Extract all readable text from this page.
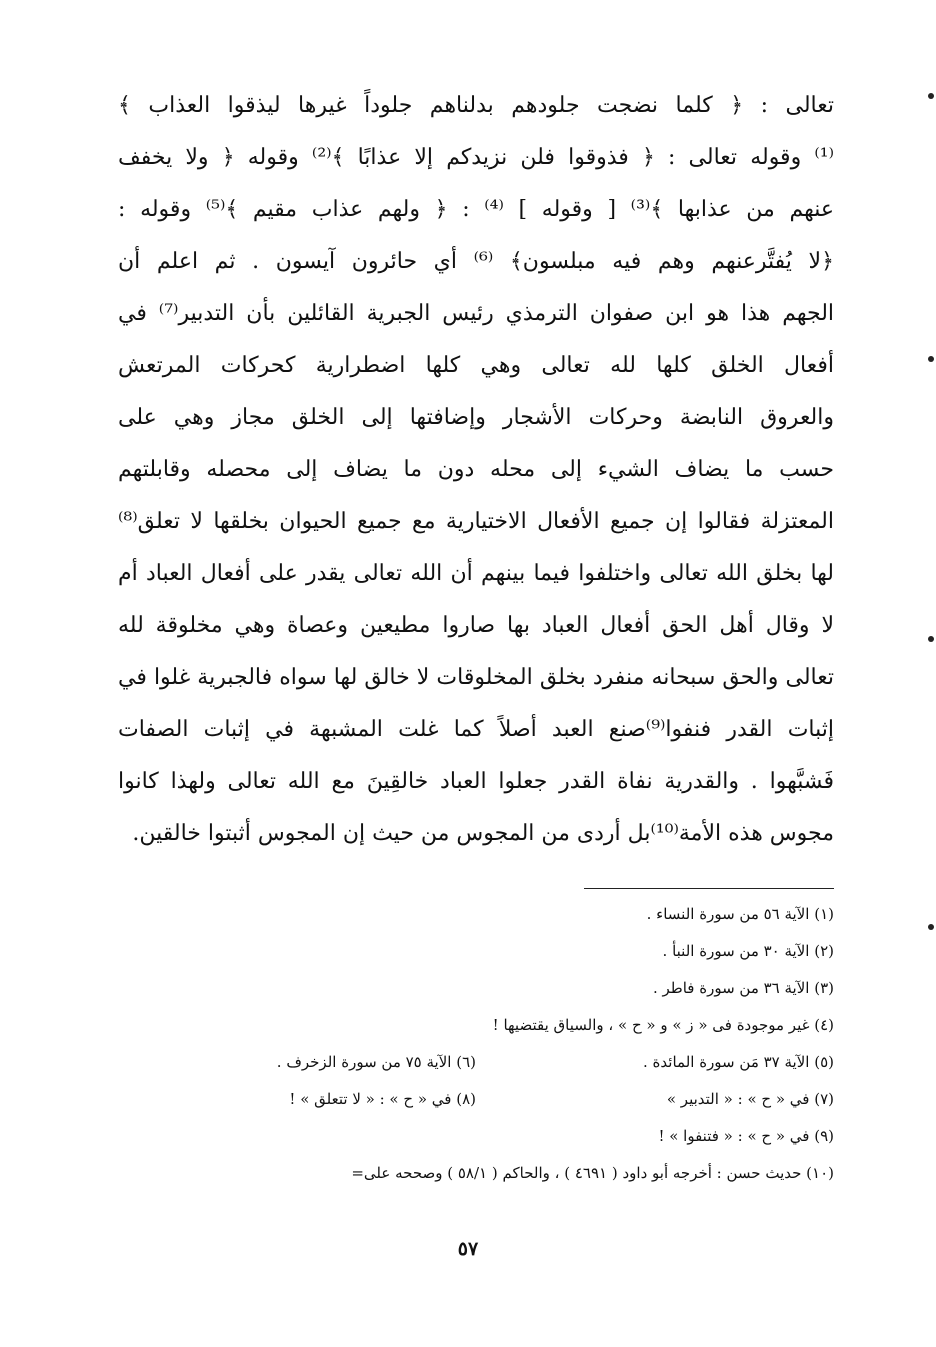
تعالى : ﴿ كلما نضجت جلودهم بدلناهم جلوداً غيرها ليذقوا العذاب ﴾
⁽¹⁾ وقوله تعالى : ﴿ فذوقوا فلن نزيدكم إلا عذابًا ﴾⁽²⁾ وقوله ﴿ ولا يخفف
عنهم من عذابها ﴾⁽³⁾ [ وقوله ] ⁽⁴⁾ : ﴿ ولهم عذاب مقيم ﴾⁽⁵⁾ وقوله :
﴿لا يُفتَّرعنهم وهم فيه مبلسون﴾ ⁽⁶⁾ أي حائرون آيسون . ثم اعلم أن
الجهم هذا هو ابن صفوان الترمذي رئيس الجبرية القائلين بأن التدبير⁽⁷⁾ في
أفعال الخلق كلها لله تعالى وهي كلها اضطرارية كحركات المرتعش
والعروق النابضة وحركات الأشجار وإضافتها إلى الخلق مجاز وهي على
حسب ما يضاف الشيء إلى محله دون ما يضاف إلى محصله وقابلتهم
المعتزلة فقالوا إن جميع الأفعال الاختيارية مع جميع الحيوان بخلقها لا تعلق⁽⁸⁾
لها بخلق الله تعالى واختلفوا فيما بينهم أن الله تعالى يقدر على أفعال العباد أم
لا وقال أهل الحق أفعال العباد بها صاروا مطيعين وعصاة وهي مخلوقة لله
تعالى والحق سبحانه منفرد بخلق المخلوقات لا خالق لها سواه فالجبرية غلوا في
إثبات القدر فنفوا⁽⁹⁾صنع العبد أصلاً كما غلت المشبهة في إثبات الصفات
فَشبَّهوا . والقدرية نفاة القدر جعلوا العباد خالقِينَ مع الله تعالى ولهذا كانوا
مجوس هذه الأمة⁽¹⁰⁾بل أردى من المجوس من حيث إن المجوس أثبتوا خالقين.
(١) الآية ٥٦ من سورة النساء .
(٢) الآية ٣٠ من سورة النبأ .
(٣) الآية ٣٦ من سورة فاطر .
(٤) غير موجودة فى « ز » و « ح » ، والسياق يقتضيها !
(٥) الآية ٣٧ مَن سورة المائدة .
(٦) الآية ٧٥ من سورة الزخرف .
(٧) في « ح » : « التدبير »
(٨) في « ح » : « لا تتعلق » !
(٩) في « ح » : « فتنفوا » !
(١٠) حديث حسن : أخرجه أبو داود ( ٤٦٩١ ) ، والحاكم ( ٥٨/١ ) وصححه على=
٥٧
